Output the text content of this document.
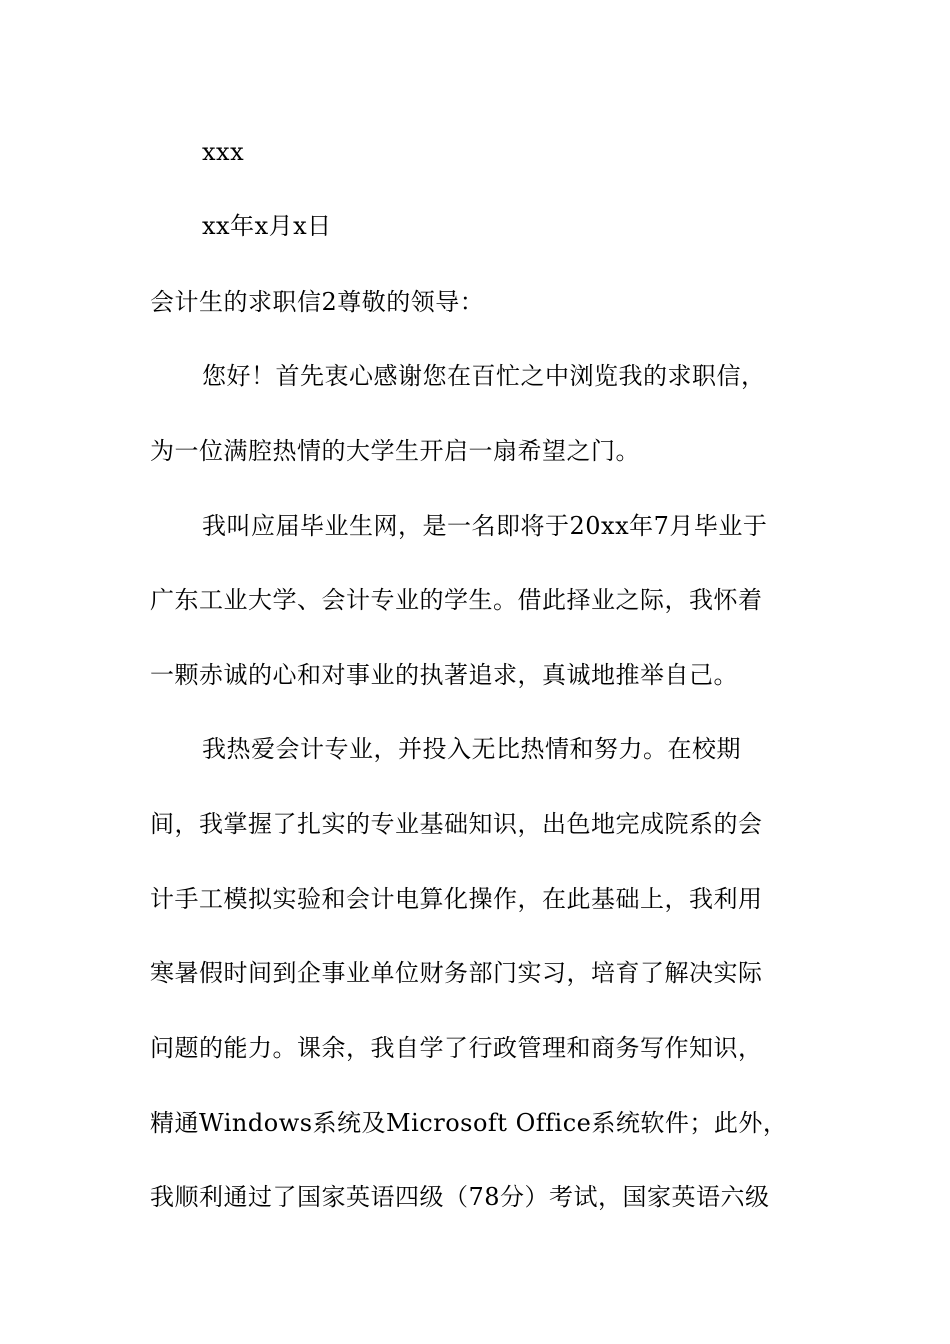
xxx
xx年x月x日
会计生的求职信2尊敬的领导：
您好！首先衷心感谢您在百忙之中浏览我的求职信，
为一位满腔热情的大学生开启一扇希望之门。
我叫应届毕业生网，是一名即将于20xx年7月毕业于
广东工业大学、会计专业的学生。借此择业之际，我怀着
一颗赤诚的心和对事业的执著追求，真诚地推举自己。
我热爱会计专业，并投入无比热情和努力。在校期
间，我掌握了扎实的专业基础知识，出色地完成院系的会
计手工模拟实验和会计电算化操作，在此基础上，我利用
寒暑假时间到企事业单位财务部门实习，培育了解决实际
问题的能力。课余，我自学了行政管理和商务写作知识，
精通Windows系统及Microsoft Office系统软件；此外，
我顺利通过了国家英语四级（78分）考试，国家英语六级
